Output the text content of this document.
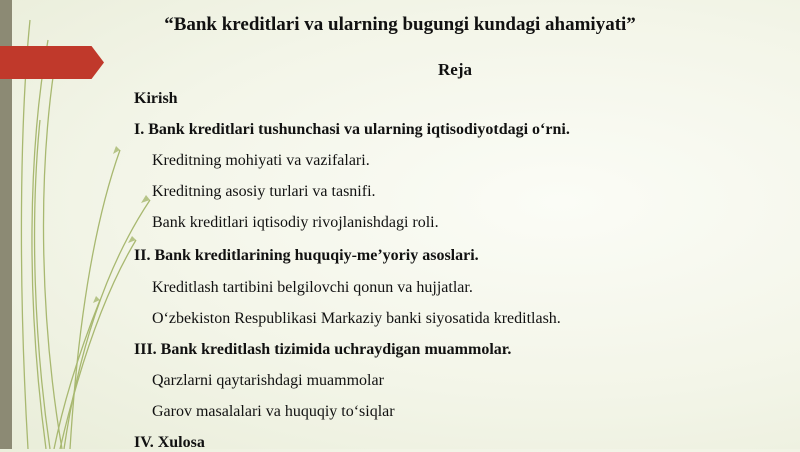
“Bank kreditlari va ularning bugungi kundagi ahamiyati”
Reja
Kirish
I. Bank kreditlari tushunchasi va ularning iqtisodiyotdagi o‘rni.
Kreditning mohiyati va vazifalari.
Kreditning asosiy turlari va tasnifi.
Bank kreditlari iqtisodiy rivojlanishdagi roli.
II. Bank kreditlarining huquqiy-me’yoriy asoslari.
Kreditlash tartibini belgilovchi qonun va hujjatlar.
O‘zbekiston Respublikasi Markaziy banki siyosatida kreditlash.
III. Bank kreditlash tizimida uchraydigan muammolar.
Qarzlarni qaytarishdagi muammolar
Garov masalalari va huquqiy to‘siqlar
IV. Xulosa
